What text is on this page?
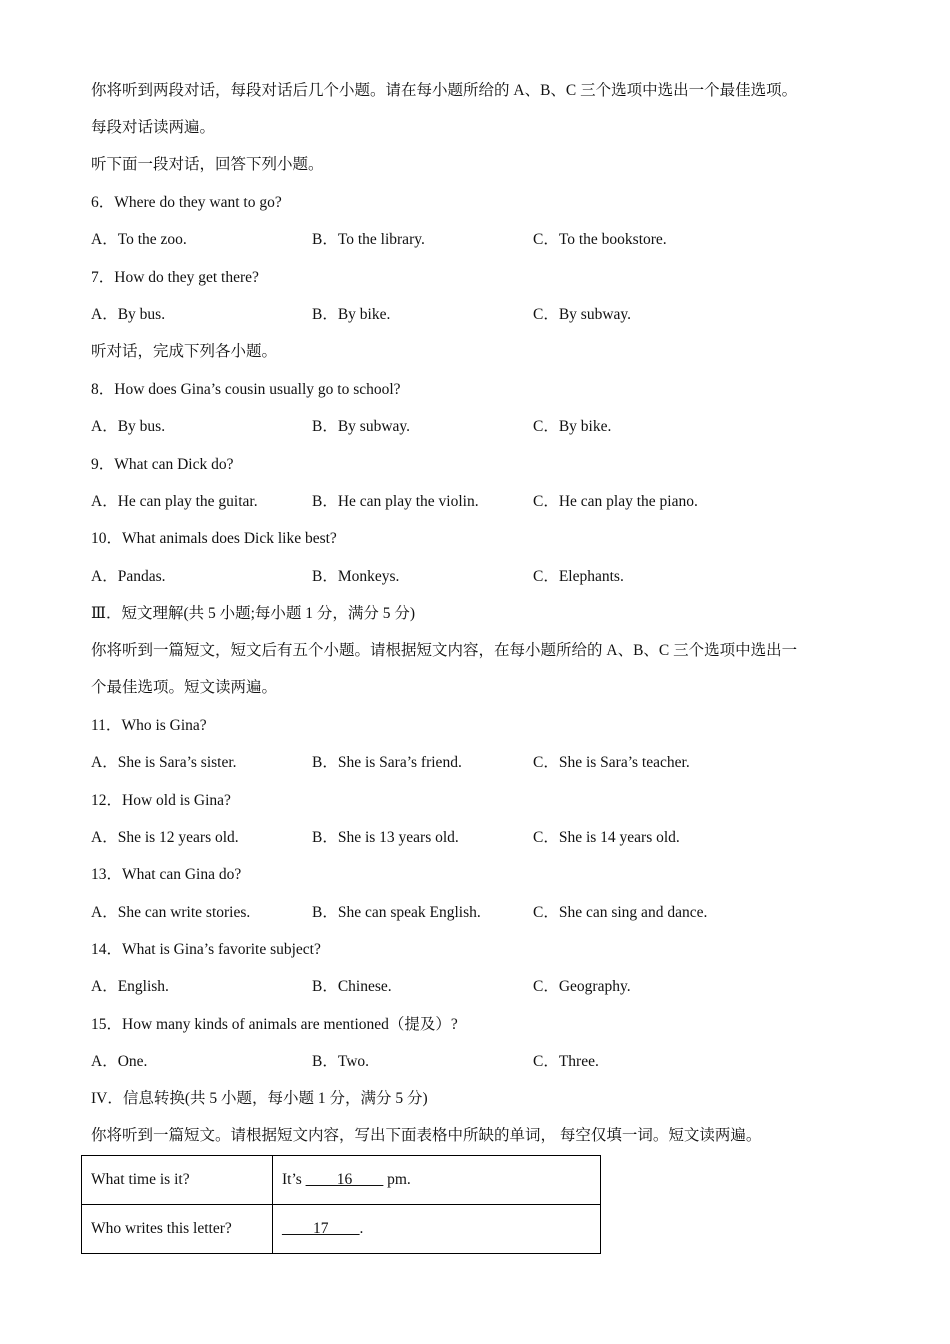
你将听到两段对话，每段对话后几个小题。请在每小题所给的 A、B、C 三个选项中选出一个最佳选项。
每段对话读两遍。
听下面一段对话，回答下列小题。
6．Where do they want to go?
A．To the zoo.	B．To the library.	C．To the bookstore.
7．How do they get there?
A．By bus.	B．By bike.	C．By subway.
听对话，完成下列各小题。
8．How does Gina’s cousin usually go to school?
A．By bus.	B．By subway.	C．By bike.
9．What can Dick do?
A．He can play the guitar.	B．He can play the violin.	C．He can play the piano.
10．What animals does Dick like best?
A．Pandas.	B．Monkeys.	C．Elephants.
Ⅲ．短文理解(共 5 小题;每小题 1 分，满分 5 分)
你将听到一篇短文，短文后有五个小题。请根据短文内容，在每小题所给的 A、B、C 三个选项中选出一
个最佳选项。短文读两遍。
11．Who is Gina?
A．She is Sara’s sister.	B．She is Sara’s friend.	C．She is Sara’s teacher.
12．How old is Gina?
A．She is 12 years old.	B．She is 13 years old.	C．She is 14 years old.
13．What can Gina do?
A．She can write stories.	B．She can speak English.	C．She can sing and dance.
14．What is Gina’s favorite subject?
A．English.	B．Chinese.	C．Geography.
15．How many kinds of animals are mentioned（提及）?
A．One.	B．Two.	C．Three.
IV．信息转换(共 5 小题，每小题 1 分，满分 5 分)
你将听到一篇短文。请根据短文内容，写出下面表格中所缺的单词， 每空仅填一词。短文读两遍。
What time is it?	It’s ____16____ pm.
Who writes this letter?	____17____.
